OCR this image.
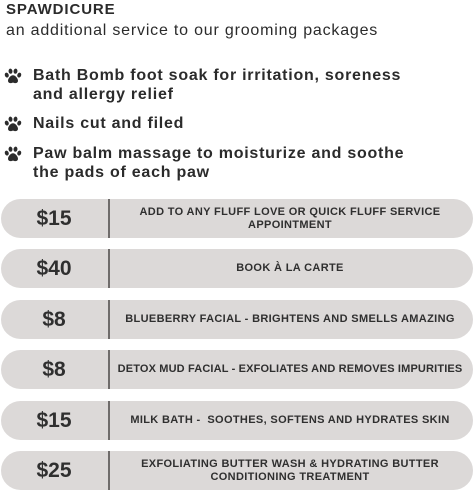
SPAWDICURE
an additional service to our grooming packages
Bath Bomb foot soak for irritation, soreness
and allergy relief
Nails cut and filed
Paw balm massage to moisturize and soothe
the pads of each paw
$15	ADD TO ANY FLUFF LOVE OR QUICK FLUFF SERVICE
APPOINTMENT
$40	BOOK À LA CARTE
$8	BLUEBERRY FACIAL - BRIGHTENS AND SMELLS AMAZING
$8	DETOX MUD FACIAL - EXFOLIATES AND REMOVES IMPURITIES
$15	MILK BATH -  SOOTHES, SOFTENS AND HYDRATES SKIN
$25	EXFOLIATING BUTTER WASH & HYDRATING BUTTER
CONDITIONING TREATMENT
